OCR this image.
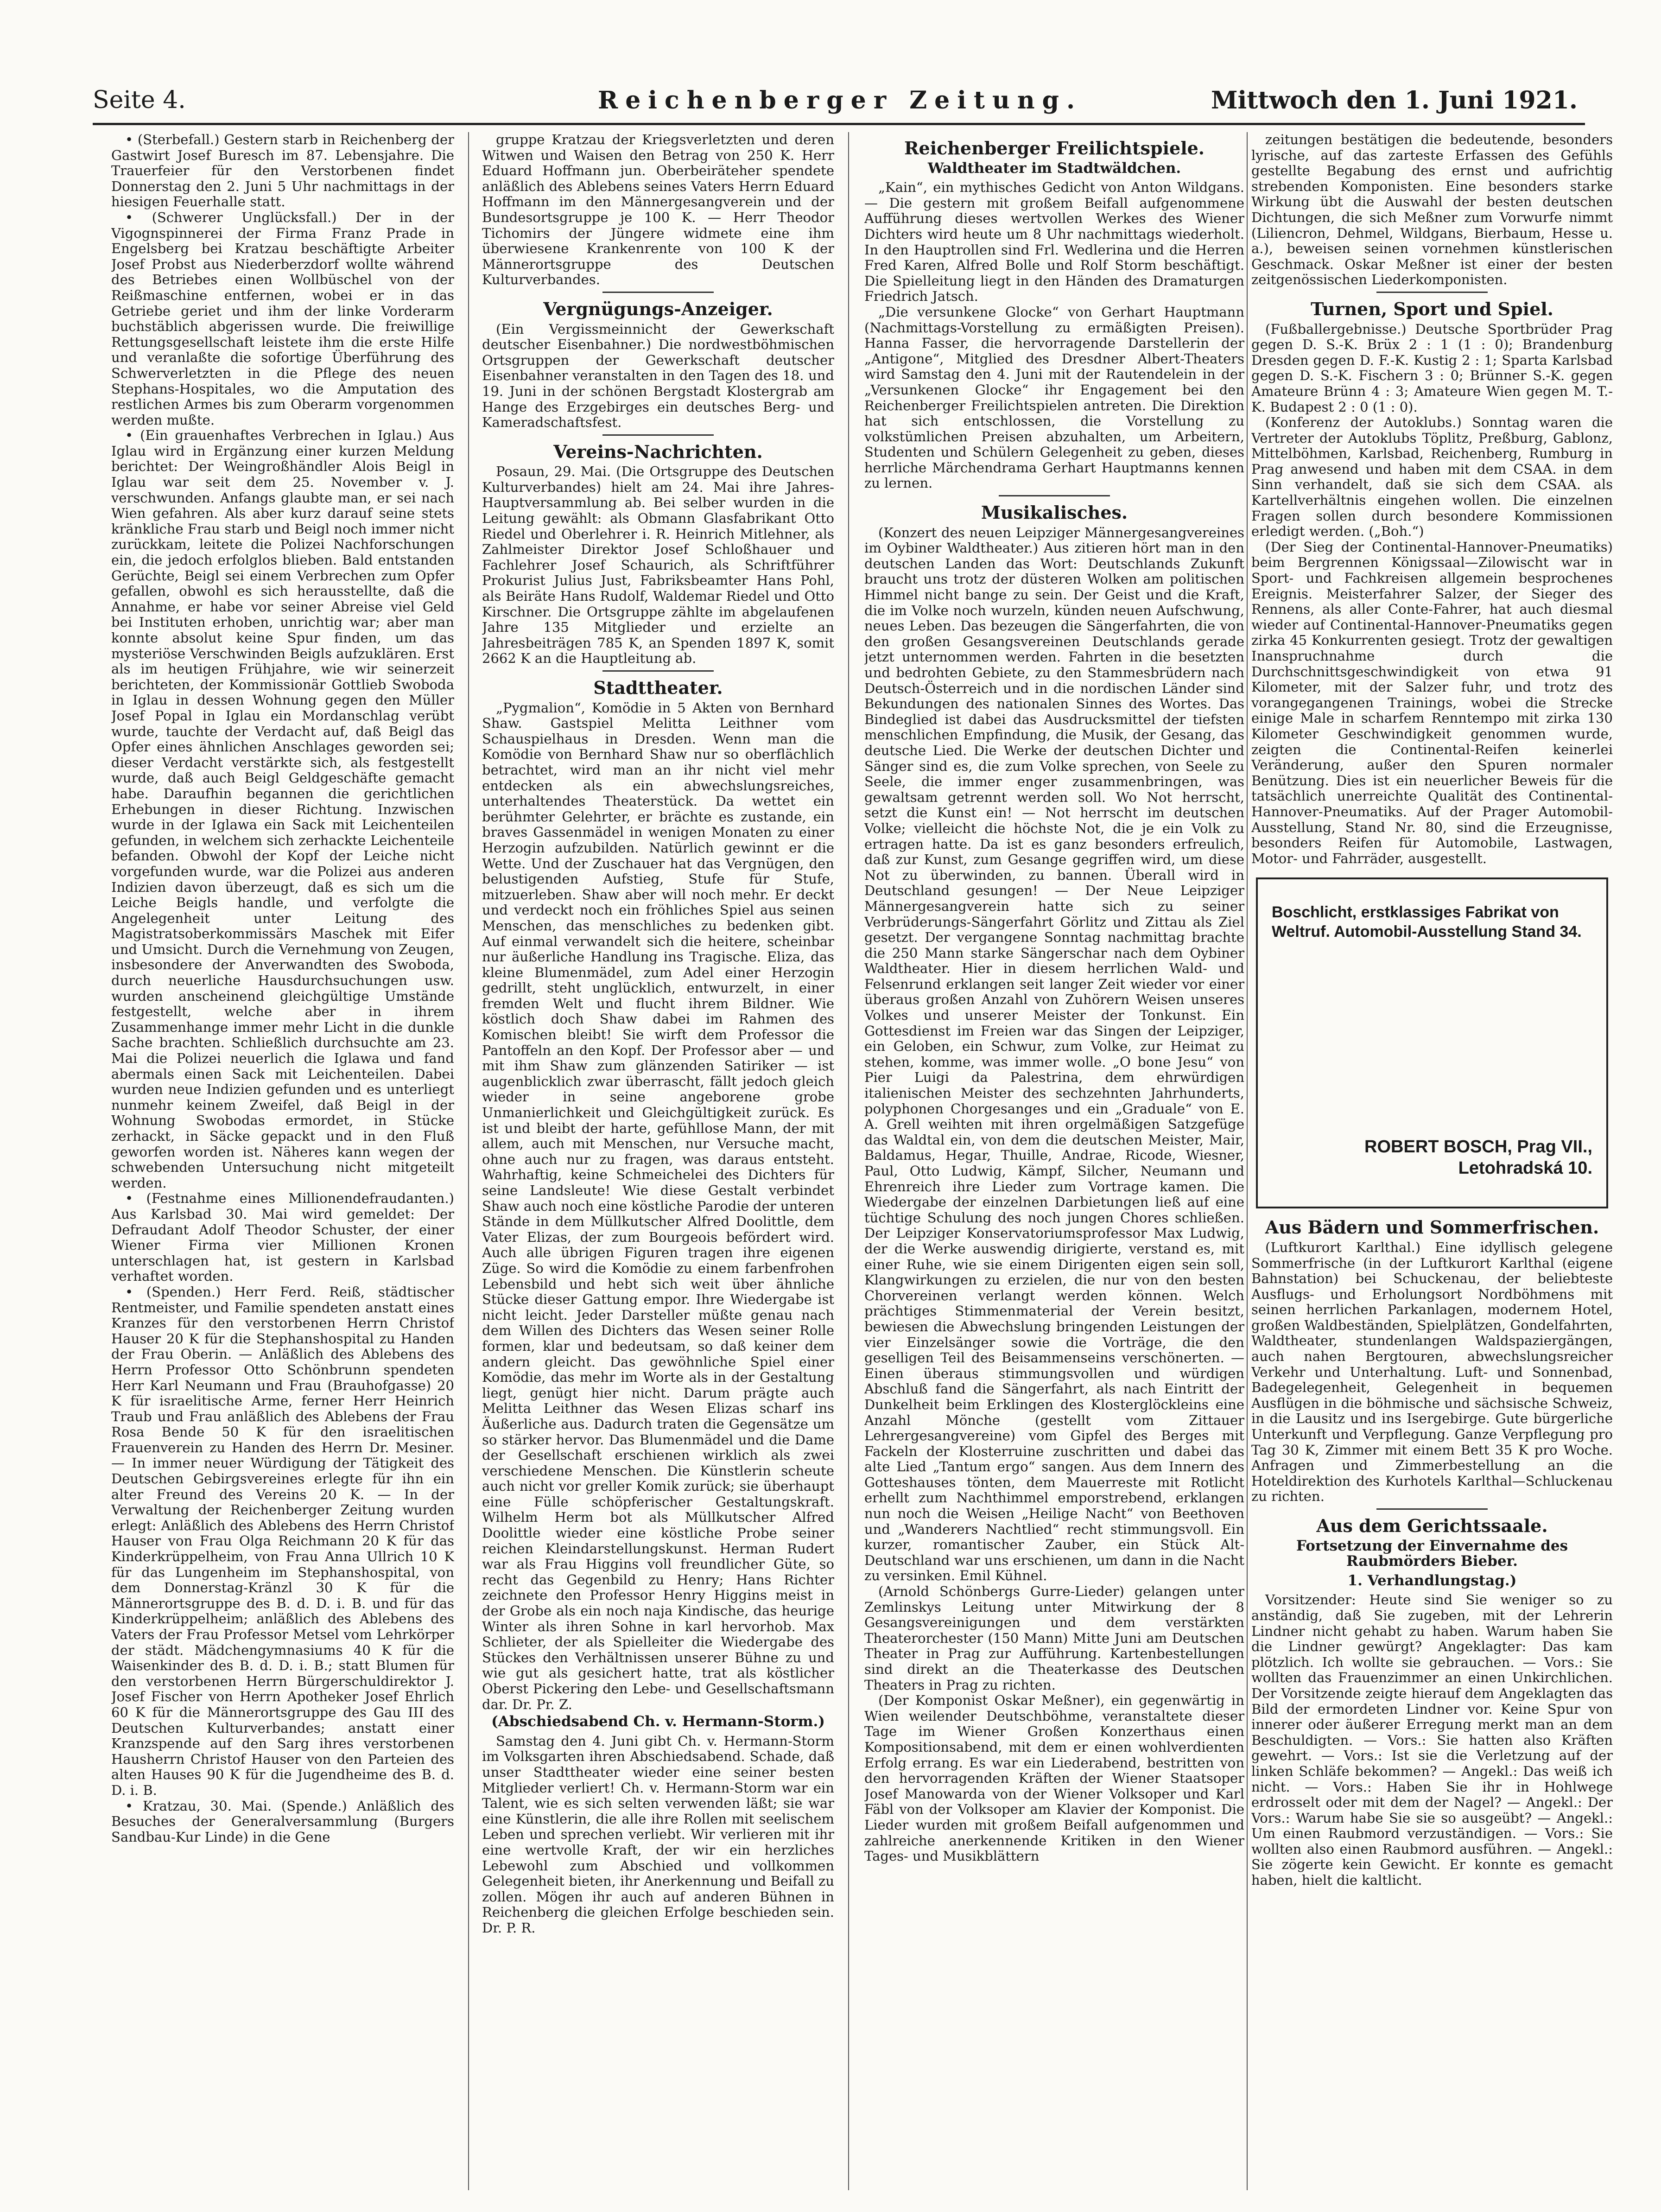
Seite 4.	Reichenberger Zeitung.	Mittwoch den 1. Juni 1921.

• (Sterbefall.) Gestern starb in Reichenberg der Gastwirt Josef Buresch im 87. Lebensjahre. Die Trauerfeier für den Verstorbenen findet Donnerstag den 2. Juni 5 Uhr nachmittags in der hiesigen Feuerhalle statt.

• (Schwerer Unglücksfall.) Der in der Vigognspinnerei der Firma Franz Prade in Engelsberg bei Kratzau beschäftigte Arbeiter Josef Probst aus Niederberzdorf wollte während des Betriebes einen Wollbüschel von der Reißmaschine entfernen, wobei er in das Getriebe geriet und ihm der linke Vorderarm buchstäblich abgerissen wurde. Die freiwillige Rettungsgesellschaft leistete ihm die erste Hilfe und veranlaßte die sofortige Überführung des Schwerverletzten in die Pflege des neuen Stephans-Hospitales, wo die Amputation des restlichen Armes bis zum Oberarm vorgenommen werden mußte.

• (Ein grauenhaftes Verbrechen in Iglau.) Aus Iglau wird in Ergänzung einer kurzen Meldung berichtet: Der Weingroßhändler Alois Beigl in Iglau war seit dem 25. November v. J. verschwunden. Anfangs glaubte man, er sei nach Wien gefahren. Als aber kurz darauf seine stets kränkliche Frau starb und Beigl noch immer nicht zurückkam, leitete die Polizei Nachforschungen ein, die jedoch erfolglos blieben. Bald entstanden Gerüchte, Beigl sei einem Verbrechen zum Opfer gefallen, obwohl es sich herausstellte, daß die Annahme, er habe vor seiner Abreise viel Geld bei Instituten erhoben, unrichtig war; aber man konnte absolut keine Spur finden, um das mysteriöse Verschwinden Beigls aufzuklären. Erst als im heutigen Frühjahre, wie wir seinerzeit berichteten, der Kommissionär Gottlieb Swoboda in Iglau in dessen Wohnung gegen den Müller Josef Popal in Iglau ein Mordanschlag verübt wurde, tauchte der Verdacht auf, daß Beigl das Opfer eines ähnlichen Anschlages geworden sei; dieser Verdacht verstärkte sich, als festgestellt wurde, daß auch Beigl Geldgeschäfte gemacht habe. Daraufhin begannen die gerichtlichen Erhebungen in dieser Richtung. Inzwischen wurde in der Iglawa ein Sack mit Leichenteilen gefunden, in welchem sich zerhackte Leichenteile befanden. Obwohl der Kopf der Leiche nicht vorgefunden wurde, war die Polizei aus anderen Indizien davon überzeugt, daß es sich um die Leiche Beigls handle, und verfolgte die Angelegenheit unter Leitung des Magistratsoberkommissärs Maschek mit Eifer und Umsicht. Durch die Vernehmung von Zeugen, insbesondere der Anverwandten des Swoboda, durch neuerliche Hausdurchsuchungen usw. wurden anscheinend gleichgültige Umstände festgestellt, welche aber in ihrem Zusammenhange immer mehr Licht in die dunkle Sache brachten. Schließlich durchsuchte am 23. Mai die Polizei neuerlich die Iglawa und fand abermals einen Sack mit Leichenteilen. Dabei wurden neue Indizien gefunden und es unterliegt nunmehr keinem Zweifel, daß Beigl in der Wohnung Swobodas ermordet, in Stücke zerhackt, in Säcke gepackt und in den Fluß geworfen worden ist. Näheres kann wegen der schwebenden Untersuchung nicht mitgeteilt werden.

• (Festnahme eines Millionendefraudanten.) Aus Karlsbad 30. Mai wird gemeldet: Der Defraudant Adolf Theodor Schuster, der einer Wiener Firma vier Millionen Kronen unterschlagen hat, ist gestern in Karlsbad verhaftet worden.

• (Spenden.) Herr Ferd. Reiß, städtischer Rentmeister, und Familie spendeten anstatt eines Kranzes für den verstorbenen Herrn Christof Hauser 20 K für die Stephanshospital zu Handen der Frau Oberin. — Anläßlich des Ablebens des Herrn Professor Otto Schönbrunn spendeten Herr Karl Neumann und Frau (Brauhofgasse) 20 K für israelitische Arme, ferner Herr Heinrich Traub und Frau anläßlich des Ablebens der Frau Rosa Bende 50 K für den israelitischen Frauenverein zu Handen des Herrn Dr. Mesiner. — In immer neuer Würdigung der Tätigkeit des Deutschen Gebirgsvereines erlegte für ihn ein alter Freund des Vereins 20 K. — In der Verwaltung der Reichenberger Zeitung wurden erlegt: Anläßlich des Ablebens des Herrn Christof Hauser von Frau Olga Reichmann 20 K für das Kinderkrüppelheim, von Frau Anna Ullrich 10 K für das Lungenheim im Stephanshospital, von dem Donnerstag-Kränzl 30 K für die Männerortsgruppe des B. d. D. i. B. und für das Kinderkrüppelheim; anläßlich des Ablebens des Vaters der Frau Professor Metsel vom Lehrkörper der städt. Mädchengymnasiums 40 K für die Waisenkinder des B. d. D. i. B.; statt Blumen für den verstorbenen Herrn Bürgerschuldirektor J. Josef Fischer von Herrn Apotheker Josef Ehrlich 60 K für die Männerortsgruppe des Gau III des Deutschen Kulturverbandes; anstatt einer Kranzspende auf den Sarg ihres verstorbenen Hausherrn Christof Hauser von den Parteien des alten Hauses 90 K für die Jugendheime des B. d. D. i. B.

• Kratzau, 30. Mai. (Spende.) Anläßlich des Besuches der Generalversammlung (Burgers Sandbau-Kur Linde) in die Gene

gruppe Kratzau der Kriegsverletzten und deren Witwen und Waisen den Betrag von 250 K. Herr Eduard Hoffmann jun. Oberbeiräteher spendete anläßlich des Ablebens seines Vaters Herrn Eduard Hoffmann im den Männergesangverein und der Bundesortsgruppe je 100 K. — Herr Theodor Tichomirs der Jüngere widmete eine ihm überwiesene Krankenrente von 100 K der Männerortsgruppe des Deutschen Kulturverbandes.

Vergnügungs-Anzeiger.

(Ein Vergissmeinnicht der Gewerkschaft deutscher Eisenbahner.) Die nordwestböhmischen Ortsgruppen der Gewerkschaft deutscher Eisenbahner veranstalten in den Tagen des 18. und 19. Juni in der schönen Bergstadt Klostergrab am Hange des Erzgebirges ein deutsches Berg- und Kameradschaftsfest.

Vereins-Nachrichten.

Posaun, 29. Mai. (Die Ortsgruppe des Deutschen Kulturverbandes) hielt am 24. Mai ihre Jahres-Hauptversammlung ab. Bei selber wurden in die Leitung gewählt: als Obmann Glasfabrikant Otto Riedel und Oberlehrer i. R. Heinrich Mitlehner, als Zahlmeister Direktor Josef Schloßhauer und Fachlehrer Josef Schaurich, als Schriftführer Prokurist Julius Just, Fabriksbeamter Hans Pohl, als Beiräte Hans Rudolf, Waldemar Riedel und Otto Kirschner. Die Ortsgruppe zählte im abgelaufenen Jahre 135 Mitglieder und erzielte an Jahresbeiträgen 785 K, an Spenden 1897 K, somit 2662 K an die Hauptleitung ab.

Stadttheater.

„Pygmalion“, Komödie in 5 Akten von Bernhard Shaw. Gastspiel Melitta Leithner vom Schauspielhaus in Dresden. Wenn man die Komödie von Bernhard Shaw nur so oberflächlich betrachtet, wird man an ihr nicht viel mehr entdecken als ein abwechslungsreiches, unterhaltendes Theaterstück. Da wettet ein berühmter Gelehrter, er brächte es zustande, ein braves Gassenmädel in wenigen Monaten zu einer Herzogin aufzubilden. Natürlich gewinnt er die Wette. Und der Zuschauer hat das Vergnügen, den belustigenden Aufstieg, Stufe für Stufe, mitzuerleben. Shaw aber will noch mehr. Er deckt und verdeckt noch ein fröhliches Spiel aus seinen Menschen, das menschliches zu bedenken gibt. Auf einmal verwandelt sich die heitere, scheinbar nur äußerliche Handlung ins Tragische. Eliza, das kleine Blumenmädel, zum Adel einer Herzogin gedrillt, steht unglücklich, entwurzelt, in einer fremden Welt und flucht ihrem Bildner. Wie köstlich doch Shaw dabei im Rahmen des Komischen bleibt! Sie wirft dem Professor die Pantoffeln an den Kopf. Der Professor aber — und mit ihm Shaw zum glänzenden Satiriker — ist augenblicklich zwar überrascht, fällt jedoch gleich wieder in seine angeborene grobe Unmanierlichkeit und Gleichgültigkeit zurück. Es ist und bleibt der harte, gefühllose Mann, der mit allem, auch mit Menschen, nur Versuche macht, ohne auch nur zu fragen, was daraus entsteht. Wahrhaftig, keine Schmeichelei des Dichters für seine Landsleute! Wie diese Gestalt verbindet Shaw auch noch eine köstliche Parodie der unteren Stände in dem Müllkutscher Alfred Doolittle, dem Vater Elizas, der zum Bourgeois befördert wird. Auch alle übrigen Figuren tragen ihre eigenen Züge. So wird die Komödie zu einem farbenfrohen Lebensbild und hebt sich weit über ähnliche Stücke dieser Gattung empor. Ihre Wiedergabe ist nicht leicht. Jeder Darsteller müßte genau nach dem Willen des Dichters das Wesen seiner Rolle formen, klar und bedeutsam, so daß keiner dem andern gleicht. Das gewöhnliche Spiel einer Komödie, das mehr im Worte als in der Gestaltung liegt, genügt hier nicht. Darum prägte auch Melitta Leithner das Wesen Elizas scharf ins Äußerliche aus. Dadurch traten die Gegensätze um so stärker hervor. Das Blumenmädel und die Dame der Gesellschaft erschienen wirklich als zwei verschiedene Menschen. Die Künstlerin scheute auch nicht vor greller Komik zurück; sie überhaupt eine Fülle schöpferischer Gestaltungskraft. Wilhelm Herm bot als Müllkutscher Alfred Doolittle wieder eine köstliche Probe seiner reichen Kleindarstellungskunst. Herman Rudert war als Frau Higgins voll freundlicher Güte, so recht das Gegenbild zu Henry; Hans Richter zeichnete den Professor Henry Higgins meist in der Grobe als ein noch naja Kindische, das heurige Winter als ihren Sohne in karl hervorhob. Max Schlieter, der als Spielleiter die Wiedergabe des Stückes den Verhältnissen unserer Bühne zu und wie gut als gesichert hatte, trat als köstlicher Oberst Pickering den Lebe- und Gesellschaftsmann dar. Dr. Pr. Z.

(Abschiedsabend Ch. v. Hermann-Storm.)

Samstag den 4. Juni gibt Ch. v. Hermann-Storm im Volksgarten ihren Abschiedsabend. Schade, daß unser Stadttheater wieder eine seiner besten Mitglieder verliert! Ch. v. Hermann-Storm war ein Talent, wie es sich selten verwenden läßt; sie war eine Künstlerin, die alle ihre Rollen mit seelischem Leben und sprechen verliebt. Wir verlieren mit ihr eine wertvolle Kraft, der wir ein herzliches Lebewohl zum Abschied und vollkommen Gelegenheit bieten, ihr Anerkennung und Beifall zu zollen. Mögen ihr auch auf anderen Bühnen in Reichenberg die gleichen Erfolge beschieden sein. Dr. P. R.

Reichenberger Freilichtspiele.
Waldtheater im Stadtwäldchen.

„Kain“, ein mythisches Gedicht von Anton Wildgans. — Die gestern mit großem Beifall aufgenommene Aufführung dieses wertvollen Werkes des Wiener Dichters wird heute um 8 Uhr nachmittags wiederholt. In den Hauptrollen sind Frl. Wedlerina und die Herren Fred Karen, Alfred Bolle und Rolf Storm beschäftigt. Die Spielleitung liegt in den Händen des Dramaturgen Friedrich Jatsch.

„Die versunkene Glocke“ von Gerhart Hauptmann (Nachmittags-Vorstellung zu ermäßigten Preisen). Hanna Fasser, die hervorragende Darstellerin der „Antigone“, Mitglied des Dresdner Albert-Theaters wird Samstag den 4. Juni mit der Rautendelein in der „Versunkenen Glocke“ ihr Engagement bei den Reichenberger Freilichtspielen antreten. Die Direktion hat sich entschlossen, die Vorstellung zu volkstümlichen Preisen abzuhalten, um Arbeitern, Studenten und Schülern Gelegenheit zu geben, dieses herrliche Märchendrama Gerhart Hauptmanns kennen zu lernen.

Musikalisches.

(Konzert des neuen Leipziger Männergesangvereines im Oybiner Waldtheater.) Aus zitieren hört man in den deutschen Landen das Wort: Deutschlands Zukunft braucht uns trotz der düsteren Wolken am politischen Himmel nicht bange zu sein. Der Geist und die Kraft, die im Volke noch wurzeln, künden neuen Aufschwung, neues Leben. Das bezeugen die Sängerfahrten, die von den großen Gesangsvereinen Deutschlands gerade jetzt unternommen werden. Fahrten in die besetzten und bedrohten Gebiete, zu den Stammesbrüdern nach Deutsch-Österreich und in die nordischen Länder sind Bekundungen des nationalen Sinnes des Wortes. Das Bindeglied ist dabei das Ausdrucksmittel der tiefsten menschlichen Empfindung, die Musik, der Gesang, das deutsche Lied. Die Werke der deutschen Dichter und Sänger sind es, die zum Volke sprechen, von Seele zu Seele, die immer enger zusammenbringen, was gewaltsam getrennt werden soll. Wo Not herrscht, setzt die Kunst ein! — Not herrscht im deutschen Volke; vielleicht die höchste Not, die je ein Volk zu ertragen hatte. Da ist es ganz besonders erfreulich, daß zur Kunst, zum Gesange gegriffen wird, um diese Not zu überwinden, zu bannen. Überall wird in Deutschland gesungen! — Der Neue Leipziger Männergesangverein hatte sich zu seiner Verbrüderungs-Sängerfahrt Görlitz und Zittau als Ziel gesetzt. Der vergangene Sonntag nachmittag brachte die 250 Mann starke Sängerschar nach dem Oybiner Waldtheater. Hier in diesem herrlichen Wald- und Felsenrund erklangen seit langer Zeit wieder vor einer überaus großen Anzahl von Zuhörern Weisen unseres Volkes und unserer Meister der Tonkunst. Ein Gottesdienst im Freien war das Singen der Leipziger, ein Geloben, ein Schwur, zum Volke, zur Heimat zu stehen, komme, was immer wolle. „O bone Jesu“ von Pier Luigi da Palestrina, dem ehrwürdigen italienischen Meister des sechzehnten Jahrhunderts, polyphonen Chorgesanges und ein „Graduale“ von E. A. Grell weihten mit ihren orgelmäßigen Satzgefüge das Waldtal ein, von dem die deutschen Meister, Mair, Baldamus, Hegar, Thuille, Andrae, Ricode, Wiesner, Paul, Otto Ludwig, Kämpf, Silcher, Neumann und Ehrenreich ihre Lieder zum Vortrage kamen. Die Wiedergabe der einzelnen Darbietungen ließ auf eine tüchtige Schulung des noch jungen Chores schließen. Der Leipziger Konservatoriumsprofessor Max Ludwig, der die Werke auswendig dirigierte, verstand es, mit einer Ruhe, wie sie einem Dirigenten eigen sein soll, Klangwirkungen zu erzielen, die nur von den besten Chorvereinen verlangt werden können. Welch prächtiges Stimmenmaterial der Verein besitzt, bewiesen die Abwechslung bringenden Leistungen der vier Einzelsänger sowie die Vorträge, die den geselligen Teil des Beisammenseins verschönerten. — Einen überaus stimmungsvollen und würdigen Abschluß fand die Sängerfahrt, als nach Eintritt der Dunkelheit beim Erklingen des Klosterglöckleins eine Anzahl Mönche (gestellt vom Zittauer Lehrergesangvereine) vom Gipfel des Berges mit Fackeln der Klosterruine zuschritten und dabei das alte Lied „Tantum ergo“ sangen. Aus dem Innern des Gotteshauses tönten, dem Mauerreste mit Rotlicht erhellt zum Nachthimmel emporstrebend, erklangen nun noch die Weisen „Heilige Nacht“ von Beethoven und „Wanderers Nachtlied“ recht stimmungsvoll. Ein kurzer, romantischer Zauber, ein Stück Alt-Deutschland war uns erschienen, um dann in die Nacht zu versinken. Emil Kühnel.

(Arnold Schönbergs Gurre-Lieder) gelangen unter Zemlinskys Leitung unter Mitwirkung der 8 Gesangsvereinigungen und dem verstärkten Theaterorchester (150 Mann) Mitte Juni am Deutschen Theater in Prag zur Aufführung. Kartenbestellungen sind direkt an die Theaterkasse des Deutschen Theaters in Prag zu richten.

(Der Komponist Oskar Meßner), ein gegenwärtig in Wien weilender Deutschböhme, veranstaltete dieser Tage im Wiener Großen Konzerthaus einen Kompositionsabend, mit dem er einen wohlverdienten Erfolg errang. Es war ein Liederabend, bestritten von den hervorragenden Kräften der Wiener Staatsoper Josef Manowarda von der Wiener Volksoper und Karl Fäbl von der Volksoper am Klavier der Komponist. Die Lieder wurden mit großem Beifall aufgenommen und zahlreiche anerkennende Kritiken in den Wiener Tages- und Musikblättern

zeitungen bestätigen die bedeutende, besonders lyrische, auf das zarteste Erfassen des Gefühls gestellte Begabung des ernst und aufrichtig strebenden Komponisten. Eine besonders starke Wirkung übt die Auswahl der besten deutschen Dichtungen, die sich Meßner zum Vorwurfe nimmt (Liliencron, Dehmel, Wildgans, Bierbaum, Hesse u. a.), beweisen seinen vornehmen künstlerischen Geschmack. Oskar Meßner ist einer der besten zeitgenössischen Liederkomponisten.

Turnen, Sport und Spiel.

(Fußballergebnisse.) Deutsche Sportbrüder Prag gegen D. S.-K. Brüx 2 : 1 (1 : 0); Brandenburg Dresden gegen D. F.-K. Kustig 2 : 1; Sparta Karlsbad gegen D. S.-K. Fischern 3 : 0; Brünner S.-K. gegen Amateure Brünn 4 : 3; Amateure Wien gegen M. T.-K. Budapest 2 : 0 (1 : 0).

(Konferenz der Autoklubs.) Sonntag waren die Vertreter der Autoklubs Töplitz, Preßburg, Gablonz, Mittelböhmen, Karlsbad, Reichenberg, Rumburg in Prag anwesend und haben mit dem CSAA. in dem Sinn verhandelt, daß sie sich dem CSAA. als Kartellverhältnis eingehen wollen. Die einzelnen Fragen sollen durch besondere Kommissionen erledigt werden. („Boh.“)

(Der Sieg der Continental-Hannover-Pneumatiks) beim Bergrennen Königssaal—Zilowischt war in Sport- und Fachkreisen allgemein besprochenes Ereignis. Meisterfahrer Salzer, der Sieger des Rennens, als aller Conte-Fahrer, hat auch diesmal wieder auf Continental-Hannover-Pneumatiks gegen zirka 45 Konkurrenten gesiegt. Trotz der gewaltigen Inanspruchnahme durch die Durchschnittsgeschwindigkeit von etwa 91 Kilometer, mit der Salzer fuhr, und trotz des vorangegangenen Trainings, wobei die Strecke einige Male in scharfem Renntempo mit zirka 130 Kilometer Geschwindigkeit genommen wurde, zeigten die Continental-Reifen keinerlei Veränderung, außer den Spuren normaler Benützung. Dies ist ein neuerlicher Beweis für die tatsächlich unerreichte Qualität des Continental-Hannover-Pneumatiks. Auf der Prager Automobil-Ausstellung, Stand Nr. 80, sind die Erzeugnisse, besonders Reifen für Automobile, Lastwagen, Motor- und Fahrräder, ausgestellt.

Boschlicht, erstklassiges Fabrikat von Weltruf. Automobil-Ausstellung Stand 34.
ROBERT BOSCH, Prag VII., Letohradská 10.
Aus Bädern und Sommerfrischen.

(Luftkurort Karlthal.) Eine idyllisch gelegene Sommerfrische (in der Luftkurort Karlthal (eigene Bahnstation) bei Schuckenau, der beliebteste Ausflugs- und Erholungsort Nordböhmens mit seinen herrlichen Parkanlagen, modernem Hotel, großen Waldbeständen, Spielplätzen, Gondelfahrten, Waldtheater, stundenlangen Waldspaziergängen, auch nahen Bergtouren, abwechslungsreicher Verkehr und Unterhaltung. Luft- und Sonnenbad, Badegelegenheit, Gelegenheit in bequemen Ausflügen in die böhmische und sächsische Schweiz, in die Lausitz und ins Isergebirge. Gute bürgerliche Unterkunft und Verpflegung. Ganze Verpflegung pro Tag 30 K, Zimmer mit einem Bett 35 K pro Woche. Anfragen und Zimmerbestellung an die Hoteldirektion des Kurhotels Karlthal—Schluckenau zu richten.

Aus dem Gerichtssaale.
Fortsetzung der Einvernahme des Raubmörders Bieber.
1. Verhandlungstag.)

Vorsitzender: Heute sind Sie weniger so zu anständig, daß Sie zugeben, mit der Lehrerin Lindner nicht gehabt zu haben. Warum haben Sie die Lindner gewürgt? Angeklagter: Das kam plötzlich. Ich wollte sie gebrauchen. — Vors.: Sie wollten das Frauenzimmer an einen Unkirchlichen. Der Vorsitzende zeigte hierauf dem Angeklagten das Bild der ermordeten Lindner vor. Keine Spur von innerer oder äußerer Erregung merkt man an dem Beschuldigten. — Vors.: Sie hatten also Kräften gewehrt. — Vors.: Ist sie die Verletzung auf der linken Schläfe bekommen? — Angekl.: Das weiß ich nicht. — Vors.: Haben Sie ihr in Hohlwege erdrosselt oder mit dem der Nagel? — Angekl.: Der Vors.: Warum habe Sie sie so ausgeübt? — Angekl.: Um einen Raubmord verzuständigen. — Vors.: Sie wollten also einen Raubmord ausführen. — Angekl.: Sie zögerte kein Gewicht. Er konnte es gemacht haben, hielt die kaltlicht.
